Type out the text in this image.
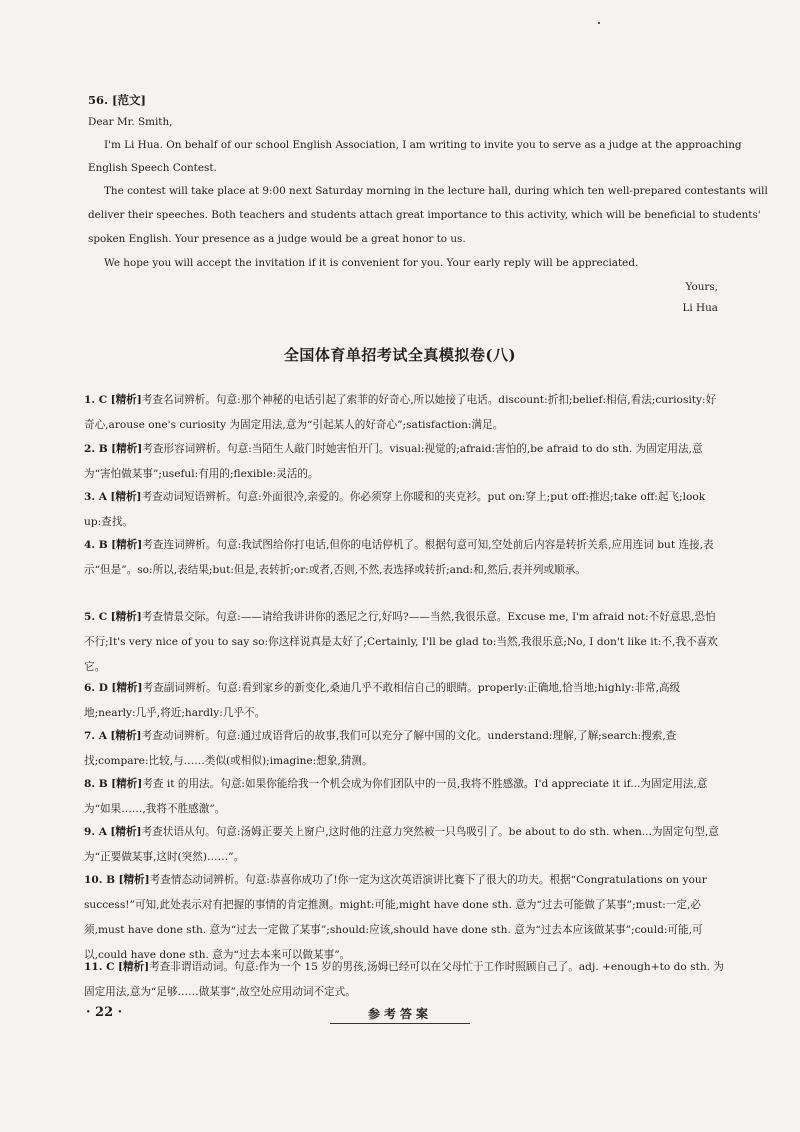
56. [范文]
Dear Mr. Smith,
I'm Li Hua. On behalf of our school English Association, I am writing to invite you to serve as a judge at the approaching
English Speech Contest.
The contest will take place at 9:00 next Saturday morning in the lecture hall, during which ten well-prepared contestants will
deliver their speeches. Both teachers and students attach great importance to this activity, which will be beneficial to students'
spoken English. Your presence as a judge would be a great honor to us.
We hope you will accept the invitation if it is convenient for you. Your early reply will be appreciated.
Yours,
Li Hua
全国体育单招考试全真模拟卷(八)
1. C [精析]考查名词辨析。句意:那个神秘的电话引起了索菲的好奇心,所以她接了电话。discount:折扣;belief:相信,看法;curiosity:好奇心,arouse one's curiosity 为固定用法,意为“引起某人的好奇心”;satisfaction:满足。
2. B [精析]考查形容词辨析。句意:当陌生人敲门时她害怕开门。visual:视觉的;afraid:害怕的,be afraid to do sth. 为固定用法,意为“害怕做某事”;useful:有用的;flexible:灵活的。
3. A [精析]考查动词短语辨析。句意:外面很冷,亲爱的。你必须穿上你暖和的夹克衫。put on:穿上;put off:推迟;take off:起飞;look up:查找。
4. B [精析]考查连词辨析。句意:我试图给你打电话,但你的电话停机了。根据句意可知,空处前后内容是转折关系,应用连词 but 连接,表示“但是”。so:所以,表结果;but:但是,表转折;or:或者,否则,不然,表选择或转折;and:和,然后,表并列或顺承。
5. C [精析]考查情景交际。句意:——请给我讲讲你的悉尼之行,好吗?——当然,我很乐意。Excuse me, I'm afraid not:不好意思,恐怕不行;It's very nice of you to say so:你这样说真是太好了;Certainly, I'll be glad to:当然,我很乐意;No, I don't like it:不,我不喜欢它。
6. D [精析]考查副词辨析。句意:看到家乡的新变化,桑迪几乎不敢相信自己的眼睛。properly:正确地,恰当地;highly:非常,高级地;nearly:几乎,将近;hardly:几乎不。
7. A [精析]考查动词辨析。句意:通过成语背后的故事,我们可以充分了解中国的文化。understand:理解,了解;search:搜索,查找;compare:比较,与……类似(或相似);imagine:想象,猜测。
8. B [精析]考查 it 的用法。句意:如果你能给我一个机会成为你们团队中的一员,我将不胜感激。I'd appreciate it if...为固定用法,意为“如果……,我将不胜感激”。
9. A [精析]考查状语从句。句意:汤姆正要关上窗户,这时他的注意力突然被一只鸟吸引了。be about to do sth. when...为固定句型,意为“正要做某事,这时(突然)……”。
10. B [精析]考查情态动词辨析。句意:恭喜你成功了!你一定为这次英语演讲比赛下了很大的功夫。根据“Congratulations on your success!”可知,此处表示对有把握的事情的肯定推测。might:可能,might have done sth. 意为“过去可能做了某事”;must:一定,必须,must have done sth. 意为“过去一定做了某事”;should:应该,should have done sth. 意为“过去本应该做某事”;could:可能,可以,could have done sth. 意为“过去本来可以做某事”。
11. C [精析]考查非谓语动词。句意:作为一个 15 岁的男孩,汤姆已经可以在父母忙于工作时照顾自己了。adj. +enough+to do sth. 为固定用法,意为“足够……做某事”,故空处应用动词不定式。
· 22 ·	参考答案
